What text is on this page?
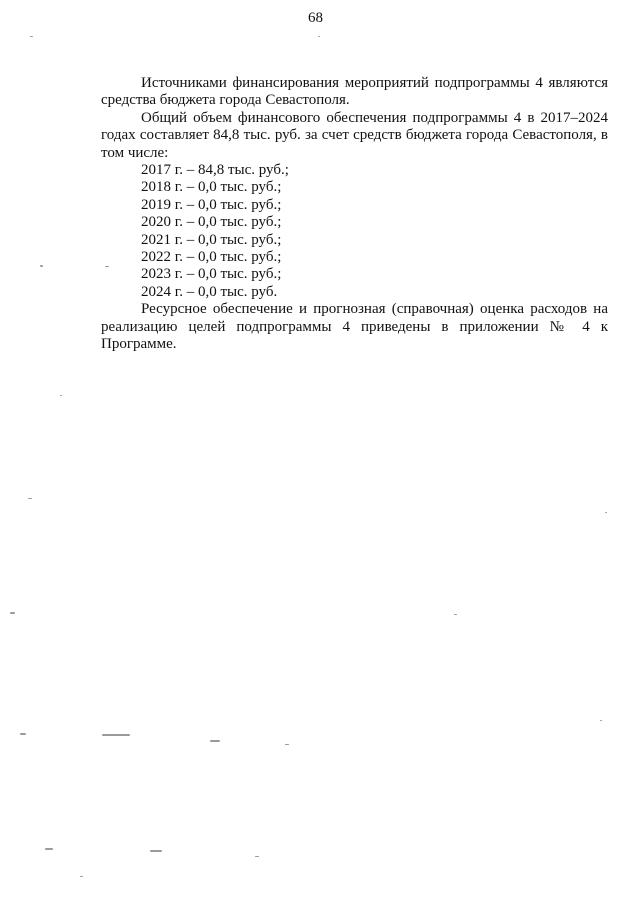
68

Источниками финансирования мероприятий подпрограммы 4 являются средства бюджета города Севастополя.

Общий объем финансового обеспечения подпрограммы 4 в 2017–2024 годах составляет 84,8 тыс. руб. за счет средств бюджета города Севастополя, в том числе:

2017 г. – 84,8 тыс. руб.;

2018 г. – 0,0 тыс. руб.;

2019 г. – 0,0 тыс. руб.;

2020 г. – 0,0 тыс. руб.;

2021 г. – 0,0 тыс. руб.;

2022 г. – 0,0 тыс. руб.;

2023 г. – 0,0 тыс. руб.;

2024 г. – 0,0 тыс. руб.

Ресурсное обеспечение и прогнозная (справочная) оценка расходов на реализацию целей подпрограммы 4 приведены в приложении № 4 к Программе.
